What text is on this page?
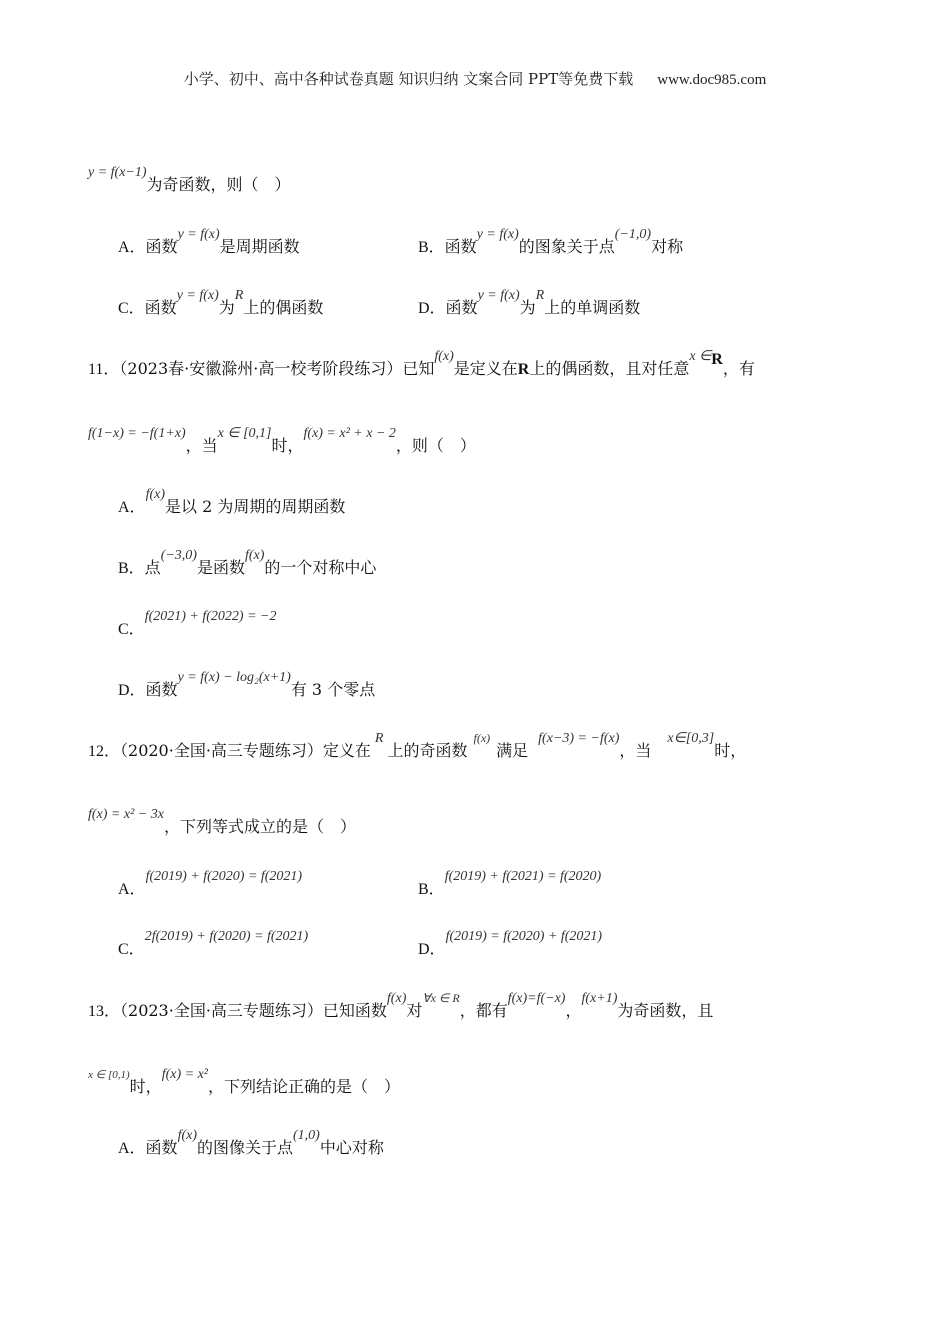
小学、初中、高中各种试卷真题 知识归纳 文案合同 PPT等免费下载 www.doc985.com
y = f(x−1)为奇函数，则（　）
A．函数y = f(x)是周期函数	B．函数y = f(x)的图象关于点(−1,0)对称
C．函数y = f(x)为R上的偶函数	D．函数y = f(x)为R上的单调函数
11．（2023春·安徽滁州·高一校考阶段练习）已知f(x)是定义在R上的偶函数，且对任意x ∈R，有
f(1−x) = −f(1+x)，当x ∈ [0,1]时，f(x) = x² + x − 2，则（　）
A．f(x)是以 2 为周期的周期函数
B．点(−3,0)是函数f(x)的一个对称中心
C．f(2021) + f(2022) = −2
D．函数y = f(x) − log₂(x+1)有 3 个零点
12．（2020·全国·高三专题练习）定义在R上的奇函数$^{f(x)}$满足f(x−3) = −f(x)，当x∈[0,3]时，
f(x) = x² − 3x，下列等式成立的是（　）
A．f(2019) + f(2020) = f(2021)
B．f(2019) + f(2021) = f(2020)
C．2f(2019) + f(2020) = f(2021)
D．f(2019) = f(2020) + f(2021)
13．（2023·全国·高三专题练习）已知函数f(x)对$^{\forall x \in R}$，都有f(x)=f(−x)，f(x+1)为奇函数，且
$^{x \in [0,1)}$时，f(x) = x²，下列结论正确的是（　）
A．函数f(x)的图像关于点(1,0)中心对称
